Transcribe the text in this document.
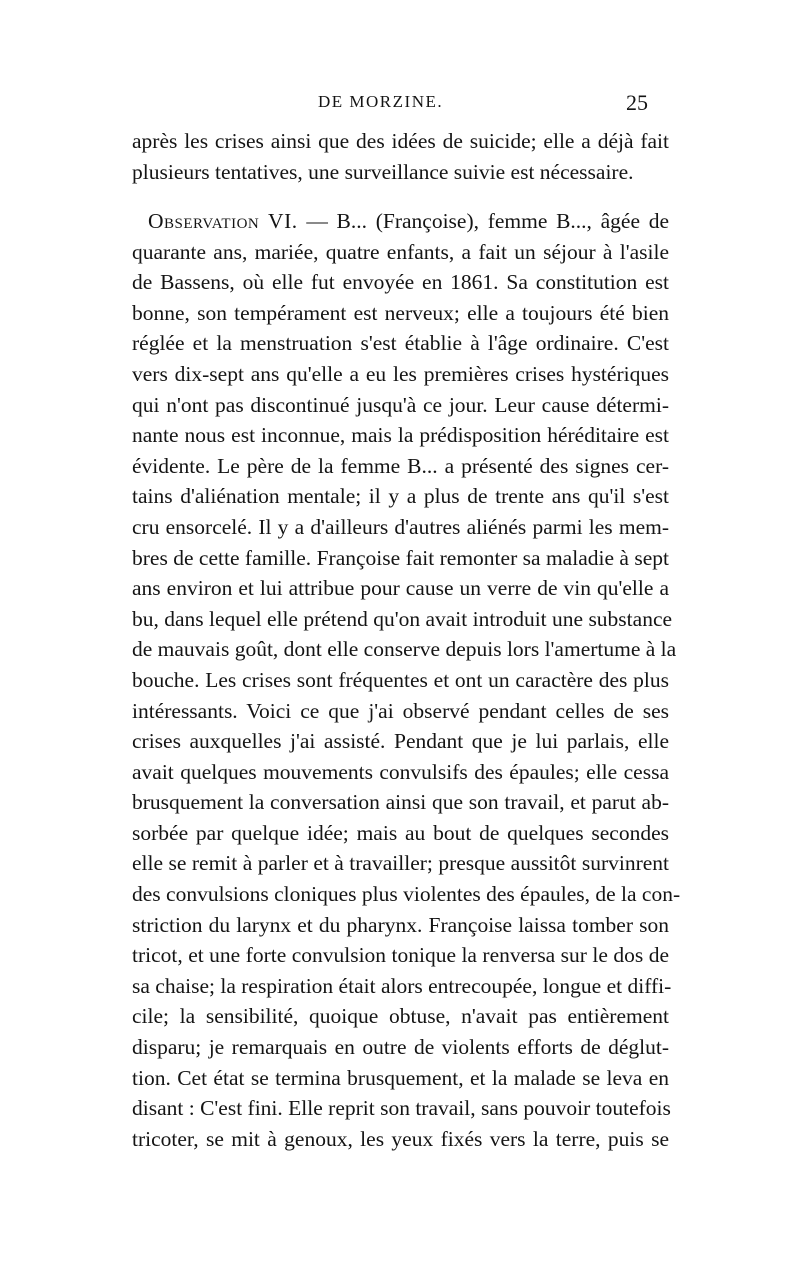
DE MORZINE.	25
après les crises ainsi que des idées de suicide; elle a déjà fait
plusieurs tentatives, une surveillance suivie est nécessaire.
Observation VI. — B... (Françoise), femme B..., âgée de
quarante ans, mariée, quatre enfants, a fait un séjour à l'asile
de Bassens, où elle fut envoyée en 1861. Sa constitution est
bonne, son tempérament est nerveux; elle a toujours été bien
réglée et la menstruation s'est établie à l'âge ordinaire. C'est
vers dix-sept ans qu'elle a eu les premières crises hystériques
qui n'ont pas discontinué jusqu'à ce jour. Leur cause détermi-
nante nous est inconnue, mais la prédisposition héréditaire est
évidente. Le père de la femme B... a présenté des signes cer-
tains d'aliénation mentale; il y a plus de trente ans qu'il s'est
cru ensorcelé. Il y a d'ailleurs d'autres aliénés parmi les mem-
bres de cette famille. Françoise fait remonter sa maladie à sept
ans environ et lui attribue pour cause un verre de vin qu'elle a
bu, dans lequel elle prétend qu'on avait introduit une substance
de mauvais goût, dont elle conserve depuis lors l'amertume à la
bouche. Les crises sont fréquentes et ont un caractère des plus
intéressants. Voici ce que j'ai observé pendant celles de ses
crises auxquelles j'ai assisté. Pendant que je lui parlais, elle
avait quelques mouvements convulsifs des épaules; elle cessa
brusquement la conversation ainsi que son travail, et parut ab-
sorbée par quelque idée; mais au bout de quelques secondes
elle se remit à parler et à travailler; presque aussitôt survinrent
des convulsions cloniques plus violentes des épaules, de la con-
striction du larynx et du pharynx. Françoise laissa tomber son
tricot, et une forte convulsion tonique la renversa sur le dos de
sa chaise; la respiration était alors entrecoupée, longue et diffi-
cile; la sensibilité, quoique obtuse, n'avait pas entièrement
disparu; je remarquais en outre de violents efforts de déglut-
tion. Cet état se termina brusquement, et la malade se leva en
disant : C'est fini. Elle reprit son travail, sans pouvoir toutefois
tricoter, se mit à genoux, les yeux fixés vers la terre, puis se
